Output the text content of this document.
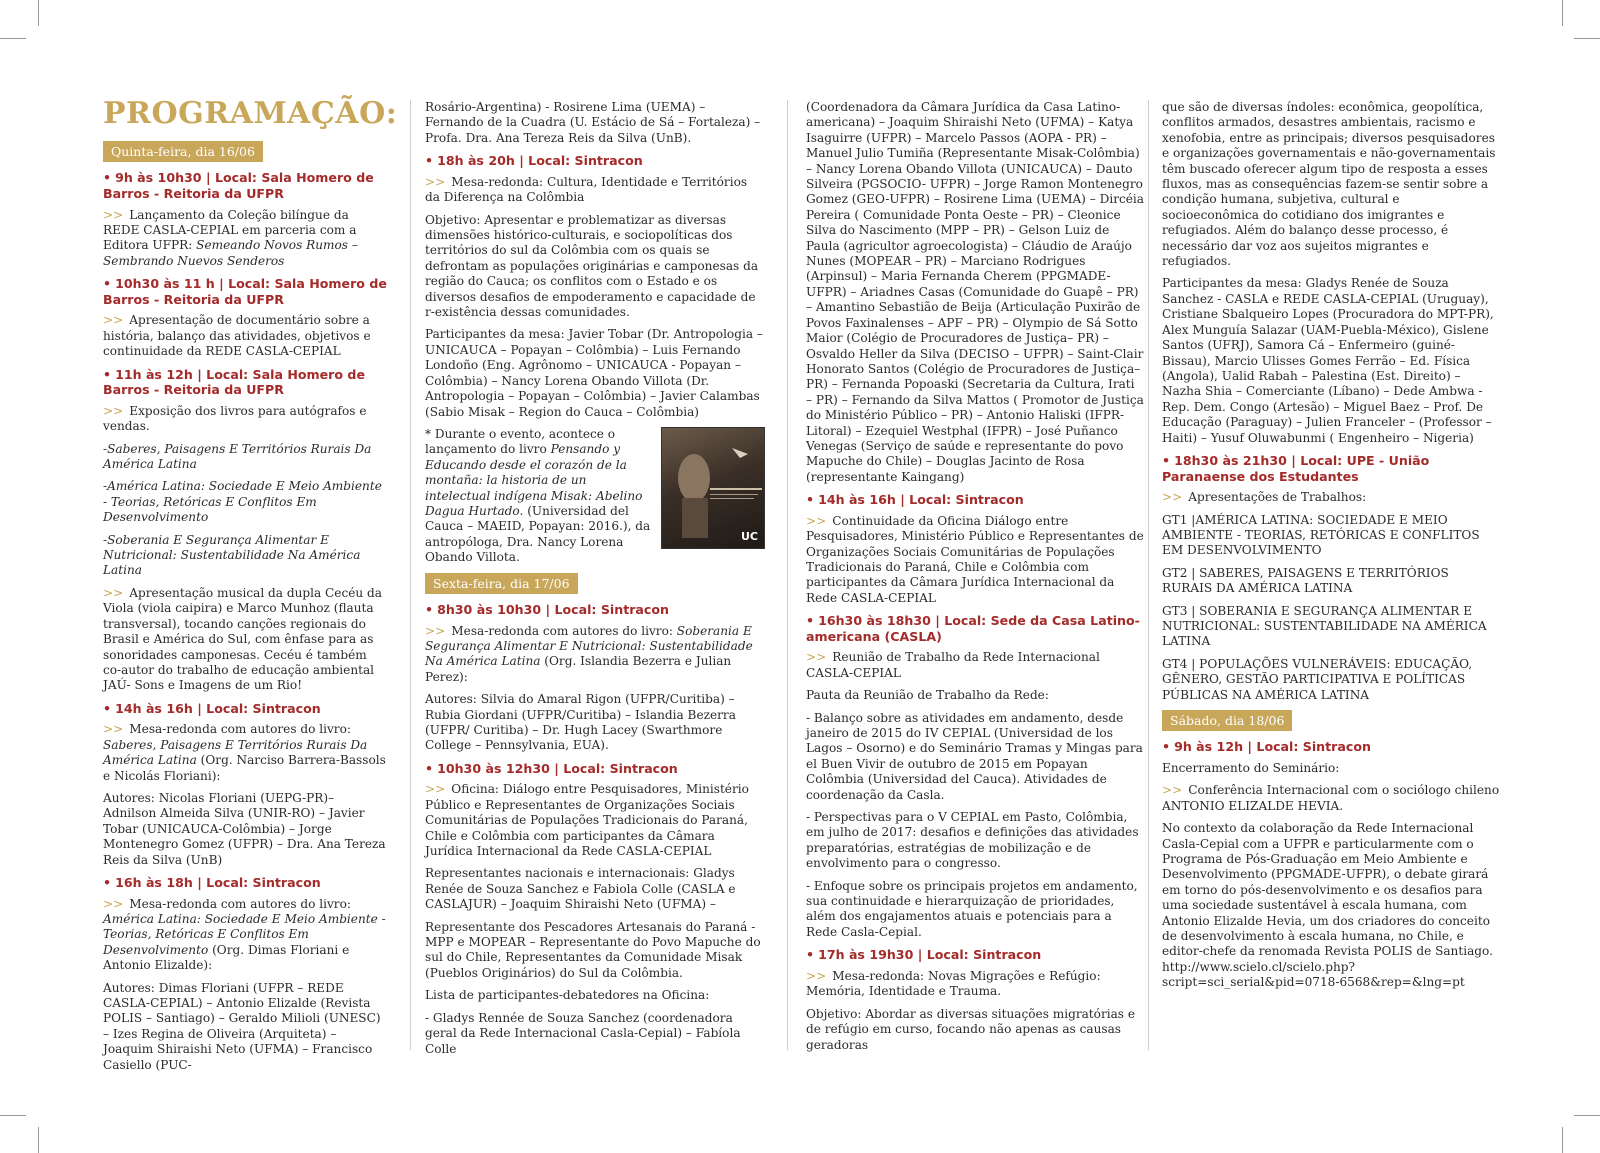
PROGRAMAÇÃO:
Quinta-feira, dia 16/06
• 9h às 10h30 | Local: Sala Homero de Barros - Reitoria da UFPR

>> Lançamento da Coleção bilíngue da REDE CASLA-CEPIAL em parceria com a Editora UFPR: Semeando Novos Rumos – Sembrando Nuevos Senderos

• 10h30 às 11 h | Local: Sala Homero de Barros - Reitoria da UFPR

>> Apresentação de documentário sobre a história, balanço das atividades, objetivos e continuidade da REDE CASLA-CEPIAL

• 11h às 12h | Local: Sala Homero de Barros - Reitoria da UFPR

>> Exposição dos livros para autógrafos e vendas.

-Saberes, Paisagens E Territórios Rurais Da América Latina

-América Latina: Sociedade E Meio Ambiente - Teorias, Retóricas E Conflitos Em Desenvolvimento

-Soberania E Segurança Alimentar E Nutricional: Sustentabilidade Na América Latina

>> Apresentação musical da dupla Cecéu da Viola (viola caipira) e Marco Munhoz (flauta transversal), tocando canções regionais do Brasil e América do Sul, com ênfase para as sonoridades camponesas. Cecéu é também co-autor do trabalho de educação ambiental JAÚ- Sons e Imagens de um Rio!

• 14h às 16h | Local: Sintracon

>> Mesa-redonda com autores do livro: Saberes, Paisagens E Territórios Rurais Da América Latina (Org. Narciso Barrera-Bassols e Nicolás Floriani):

Autores: Nicolas Floriani (UEPG-PR)– Adnilson Almeida Silva (UNIR-RO) – Javier Tobar (UNICAUCA-Colômbia) – Jorge Montenegro Gomez (UFPR) – Dra. Ana Tereza Reis da Silva (UnB)

• 16h às 18h | Local: Sintracon

>> Mesa-redonda com autores do livro: América Latina: Sociedade E Meio Ambiente - Teorias, Retóricas E Conflitos Em Desenvolvimento (Org. Dimas Floriani e Antonio Elizalde):

Autores: Dimas Floriani (UFPR – REDE CASLA-CEPIAL) – Antonio Elizalde (Revista POLIS – Santiago) – Geraldo Milioli (UNESC) – Izes Regina de Oliveira (Arquiteta) – Joaquim Shiraishi Neto (UFMA) – Francisco Casiello (PUC-

Rosário-Argentina) - Rosirene Lima (UEMA) – Fernando de la Cuadra (U. Estácio de Sá – Fortaleza) – Profa. Dra. Ana Tereza Reis da Silva (UnB).

• 18h às 20h | Local: Sintracon

>> Mesa-redonda: Cultura, Identidade e Territórios da Diferença na Colômbia

Objetivo: Apresentar e problematizar as diversas dimensões histórico-culturais, e sociopolíticas dos territórios do sul da Colômbia com os quais se defrontam as populações originárias e camponesas da região do Cauca; os conflitos com o Estado e os diversos desafios de empoderamento e capacidade de r-existência dessas comunidades.

Participantes da mesa: Javier Tobar (Dr. Antropologia – UNICAUCA – Popayan – Colômbia) – Luis Fernando Londoño (Eng. Agrônomo – UNICAUCA - Popayan – Colômbia) – Nancy Lorena Obando Villota (Dr. Antropologia – Popayan – Colômbia) – Javier Calambas (Sabio Misak – Region do Cauca – Colômbia)

UC

* Durante o evento, acontece o lançamento do livro Pensando y Educando desde el corazón de la montaña: la historia de un intelectual indígena Misak: Abelino Dagua Hurtado. (Universidad del Cauca – MAEID, Popayan: 2016.), da antropóloga, Dra. Nancy Lorena Obando Villota.

Sexta-feira, dia 17/06
• 8h30 às 10h30 | Local: Sintracon

>> Mesa-redonda com autores do livro: Soberania E Segurança Alimentar E Nutricional: Sustentabilidade Na América Latina (Org. Islandia Bezerra e Julian Perez):

Autores: Silvia do Amaral Rigon (UFPR/Curitiba) – Rubia Giordani (UFPR/Curitiba) – Islandia Bezerra (UFPR/ Curitiba) – Dr. Hugh Lacey (Swarthmore College – Pennsylvania, EUA).

• 10h30 às 12h30 | Local: Sintracon

>> Oficina: Diálogo entre Pesquisadores, Ministério Público e Representantes de Organizações Sociais Comunitárias de Populações Tradicionais do Paraná, Chile e Colômbia com participantes da Câmara Jurídica Internacional da Rede CASLA-CEPIAL

Representantes nacionais e internacionais: Gladys Renée de Souza Sanchez e Fabiola Colle (CASLA e CASLAJUR) – Joaquim Shiraishi Neto (UFMA) –

Representante dos Pescadores Artesanais do Paraná - MPP e MOPEAR – Representante do Povo Mapuche do sul do Chile, Representantes da Comunidade Misak (Pueblos Originários) do Sul da Colômbia.

Lista de participantes-debatedores na Oficina:

- Gladys Rennée de Souza Sanchez (coordenadora geral da Rede Internacional Casla-Cepial) – Fabíola Colle

(Coordenadora da Câmara Jurídica da Casa Latino-americana) – Joaquim Shiraishi Neto (UFMA) – Katya Isaguirre (UFPR) – Marcelo Passos (AOPA - PR) – Manuel Julio Tumiña (Representante Misak-Colômbia) – Nancy Lorena Obando Villota (UNICAUCA) – Dauto Silveira (PGSOCIO- UFPR) – Jorge Ramon Montenegro Gomez (GEO-UFPR) – Rosirene Lima (UEMA) – Dircéia Pereira ( Comunidade Ponta Oeste – PR) – Cleonice Silva do Nascimento (MPP – PR) – Gelson Luiz de Paula (agricultor agroecologista) – Cláudio de Araújo Nunes (MOPEAR – PR) – Marciano Rodrigues (Arpinsul) – Maria Fernanda Cherem (PPGMADE-UFPR) – Ariadnes Casas (Comunidade do Guapê – PR) – Amantino Sebastião de Beija (Articulação Puxirão de Povos Faxinalenses – APF – PR) – Olympio de Sá Sotto Maior (Colégio de Procuradores de Justiça– PR) – Osvaldo Heller da Silva (DECISO – UFPR) – Saint-Clair Honorato Santos (Colégio de Procuradores de Justiça– PR) – Fernanda Popoaski (Secretaria da Cultura, Irati – PR) – Fernando da Silva Mattos ( Promotor de Justiça do Ministério Público – PR) – Antonio Haliski (IFPR-Litoral) – Ezequiel Westphal (IFPR) – José Puñanco Venegas (Serviço de saúde e representante do povo Mapuche do Chile) – Douglas Jacinto de Rosa (representante Kaingang)

• 14h às 16h | Local: Sintracon

>> Continuidade da Oficina Diálogo entre Pesquisadores, Ministério Público e Representantes de Organizações Sociais Comunitárias de Populações Tradicionais do Paraná, Chile e Colômbia com participantes da Câmara Jurídica Internacional da Rede CASLA-CEPIAL

• 16h30 às 18h30 | Local: Sede da Casa Latino-americana (CASLA)

>> Reunião de Trabalho da Rede Internacional CASLA-CEPIAL

Pauta da Reunião de Trabalho da Rede:

- Balanço sobre as atividades em andamento, desde janeiro de 2015 do IV CEPIAL (Universidad de los Lagos – Osorno) e do Seminário Tramas y Mingas para el Buen Vivir de outubro de 2015 em Popayan Colômbia (Universidad del Cauca). Atividades de coordenação da Casla.

- Perspectivas para o V CEPIAL em Pasto, Colômbia, em julho de 2017: desafios e definições das atividades preparatórias, estratégias de mobilização e de envolvimento para o congresso.

- Enfoque sobre os principais projetos em andamento, sua continuidade e hierarquização de prioridades, além dos engajamentos atuais e potenciais para a Rede Casla-Cepial.

• 17h às 19h30 | Local: Sintracon

>> Mesa-redonda: Novas Migrações e Refúgio: Memória, Identidade e Trauma.

Objetivo: Abordar as diversas situações migratórias e de refúgio em curso, focando não apenas as causas geradoras

que são de diversas índoles: econômica, geopolítica, conflitos armados, desastres ambientais, racismo e xenofobia, entre as principais; diversos pesquisadores e organizações governamentais e não-governamentais têm buscado oferecer algum tipo de resposta a esses fluxos, mas as consequências fazem-se sentir sobre a condição humana, subjetiva, cultural e socioeconômica do cotidiano dos imigrantes e refugiados. Além do balanço desse processo, é necessário dar voz aos sujeitos migrantes e refugiados.

Participantes da mesa: Gladys Renée de Souza Sanchez - CASLA e REDE CASLA-CEPIAL (Uruguay), Cristiane Sbalqueiro Lopes (Procuradora do MPT-PR), Alex Munguía Salazar (UAM-Puebla-México), Gislene Santos (UFRJ), Samora Cá – Enfermeiro (guiné-Bissau), Marcio Ulisses Gomes Ferrão – Ed. Física (Angola), Ualid Rabah – Palestina (Est. Direito) – Nazha Shia – Comerciante (Líbano) – Dede Ambwa - Rep. Dem. Congo (Artesão) – Miguel Baez – Prof. De Educação (Paraguay) – Julien Franceler – (Professor – Haiti) – Yusuf Oluwabunmi ( Engenheiro – Nigeria)

• 18h30 às 21h30 | Local: UPE - União Paranaense dos Estudantes

>> Apresentações de Trabalhos:

GT1 |AMÉRICA LATINA: SOCIEDADE E MEIO AMBIENTE - TEORIAS, RETÓRICAS E CONFLITOS EM DESENVOLVIMENTO

GT2 | SABERES, PAISAGENS E TERRITÓRIOS RURAIS DA AMÉRICA LATINA

GT3 | SOBERANIA E SEGURANÇA ALIMENTAR E NUTRICIONAL: SUSTENTABILIDADE NA AMÉRICA LATINA

GT4 | POPULAÇÕES VULNERÁVEIS: EDUCAÇÃO, GÊNERO, GESTÃO PARTICIPATIVA E POLÍTICAS PÚBLICAS NA AMÉRICA LATINA

Sábado, dia 18/06
• 9h às 12h | Local: Sintracon

Encerramento do Seminário:

>> Conferência Internacional com o sociólogo chileno ANTONIO ELIZALDE HEVIA.

No contexto da colaboração da Rede Internacional Casla-Cepial com a UFPR e particularmente com o Programa de Pós-Graduação em Meio Ambiente e Desenvolvimento (PPGMADE-UFPR), o debate girará em torno do pós-desenvolvimento e os desafios para uma sociedade sustentável à escala humana, com Antonio Elizalde Hevia, um dos criadores do conceito de desenvolvimento à escala humana, no Chile, e editor-chefe da renomada Revista POLIS de Santiago. http://www.scielo.cl/scielo.php?script=sci_serial&pid=0718-6568&rep=&lng=pt
